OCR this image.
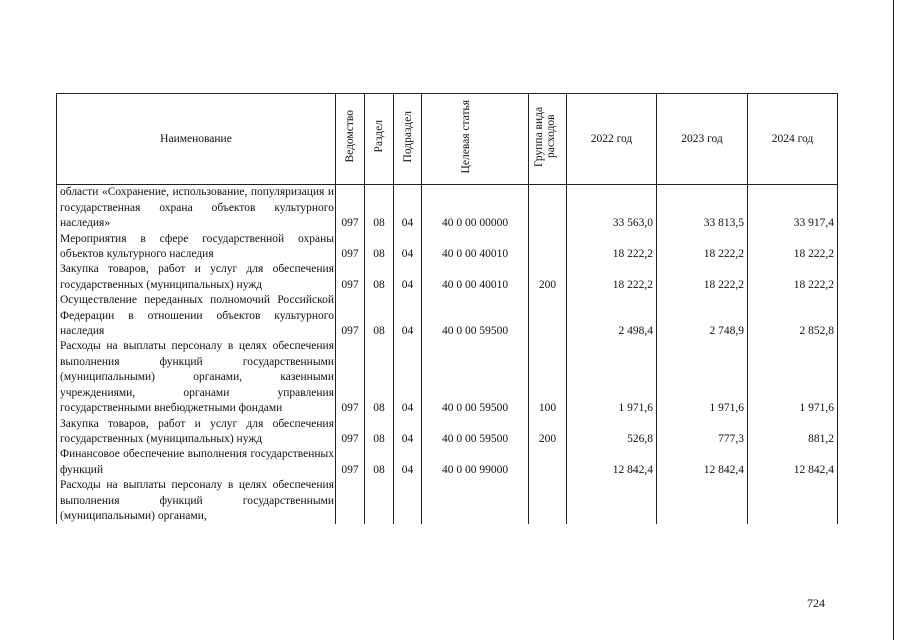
Наименование	Ведомство	Раздел	Подраздел	Целевая статья	Группа вида расходов	2022 год	2023 год	2024 год
области «Сохранение, использование, популяризация и государственная охрана объектов культурного наследия»	097	08	04	40 0 00 00000		33 563,0	33 813,5	33 917,4
Мероприятия в сфере государственной охраны объектов культурного наследия	097	08	04	40 0 00 40010		18 222,2	18 222,2	18 222,2
Закупка товаров, работ и услуг для обеспечения государственных (муниципальных) нужд	097	08	04	40 0 00 40010	200	18 222,2	18 222,2	18 222,2
Осуществление переданных полномочий Российской Федерации в отношении объектов культурного наследия	097	08	04	40 0 00 59500		2 498,4	2 748,9	2 852,8
Расходы на выплаты персоналу в целях обеспечения выполнения функций государственными (муниципальными) органами, казенными учреждениями, органами управления государственными внебюджетными фондами	097	08	04	40 0 00 59500	100	1 971,6	1 971,6	1 971,6
Закупка товаров, работ и услуг для обеспечения государственных (муниципальных) нужд	097	08	04	40 0 00 59500	200	526,8	777,3	881,2
Финансовое обеспечение выполнения государственных функций	097	08	04	40 0 00 99000		12 842,4	12 842,4	12 842,4
Расходы на выплаты персоналу в целях обеспечения выполнения функций государственными (муниципальными) органами,								
724
